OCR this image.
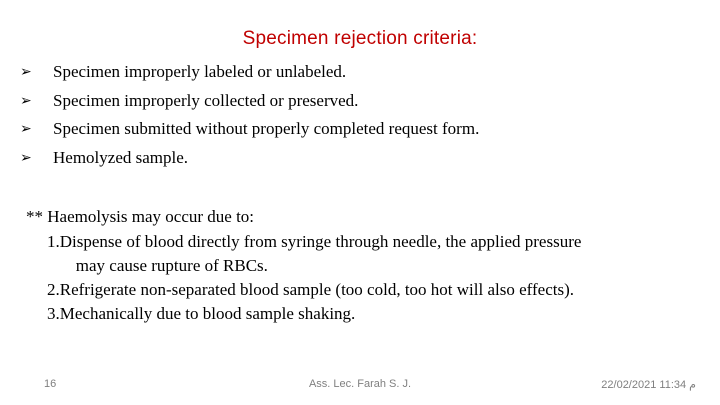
Specimen rejection criteria:
➢	Specimen improperly labeled or unlabeled.
➢	Specimen improperly collected or preserved.
➢	Specimen submitted without properly completed request form.
➢	Hemolyzed sample.
** Haemolysis may occur due to:
1. Dispense of blood directly from syringe through needle, the applied pressure
may cause rupture of RBCs.
2. Refrigerate non-separated blood sample (too cold, too hot will also effects).
3. Mechanically due to blood sample shaking.
16	Ass. Lec. Farah S. J.	م 11:34 22/02/2021
